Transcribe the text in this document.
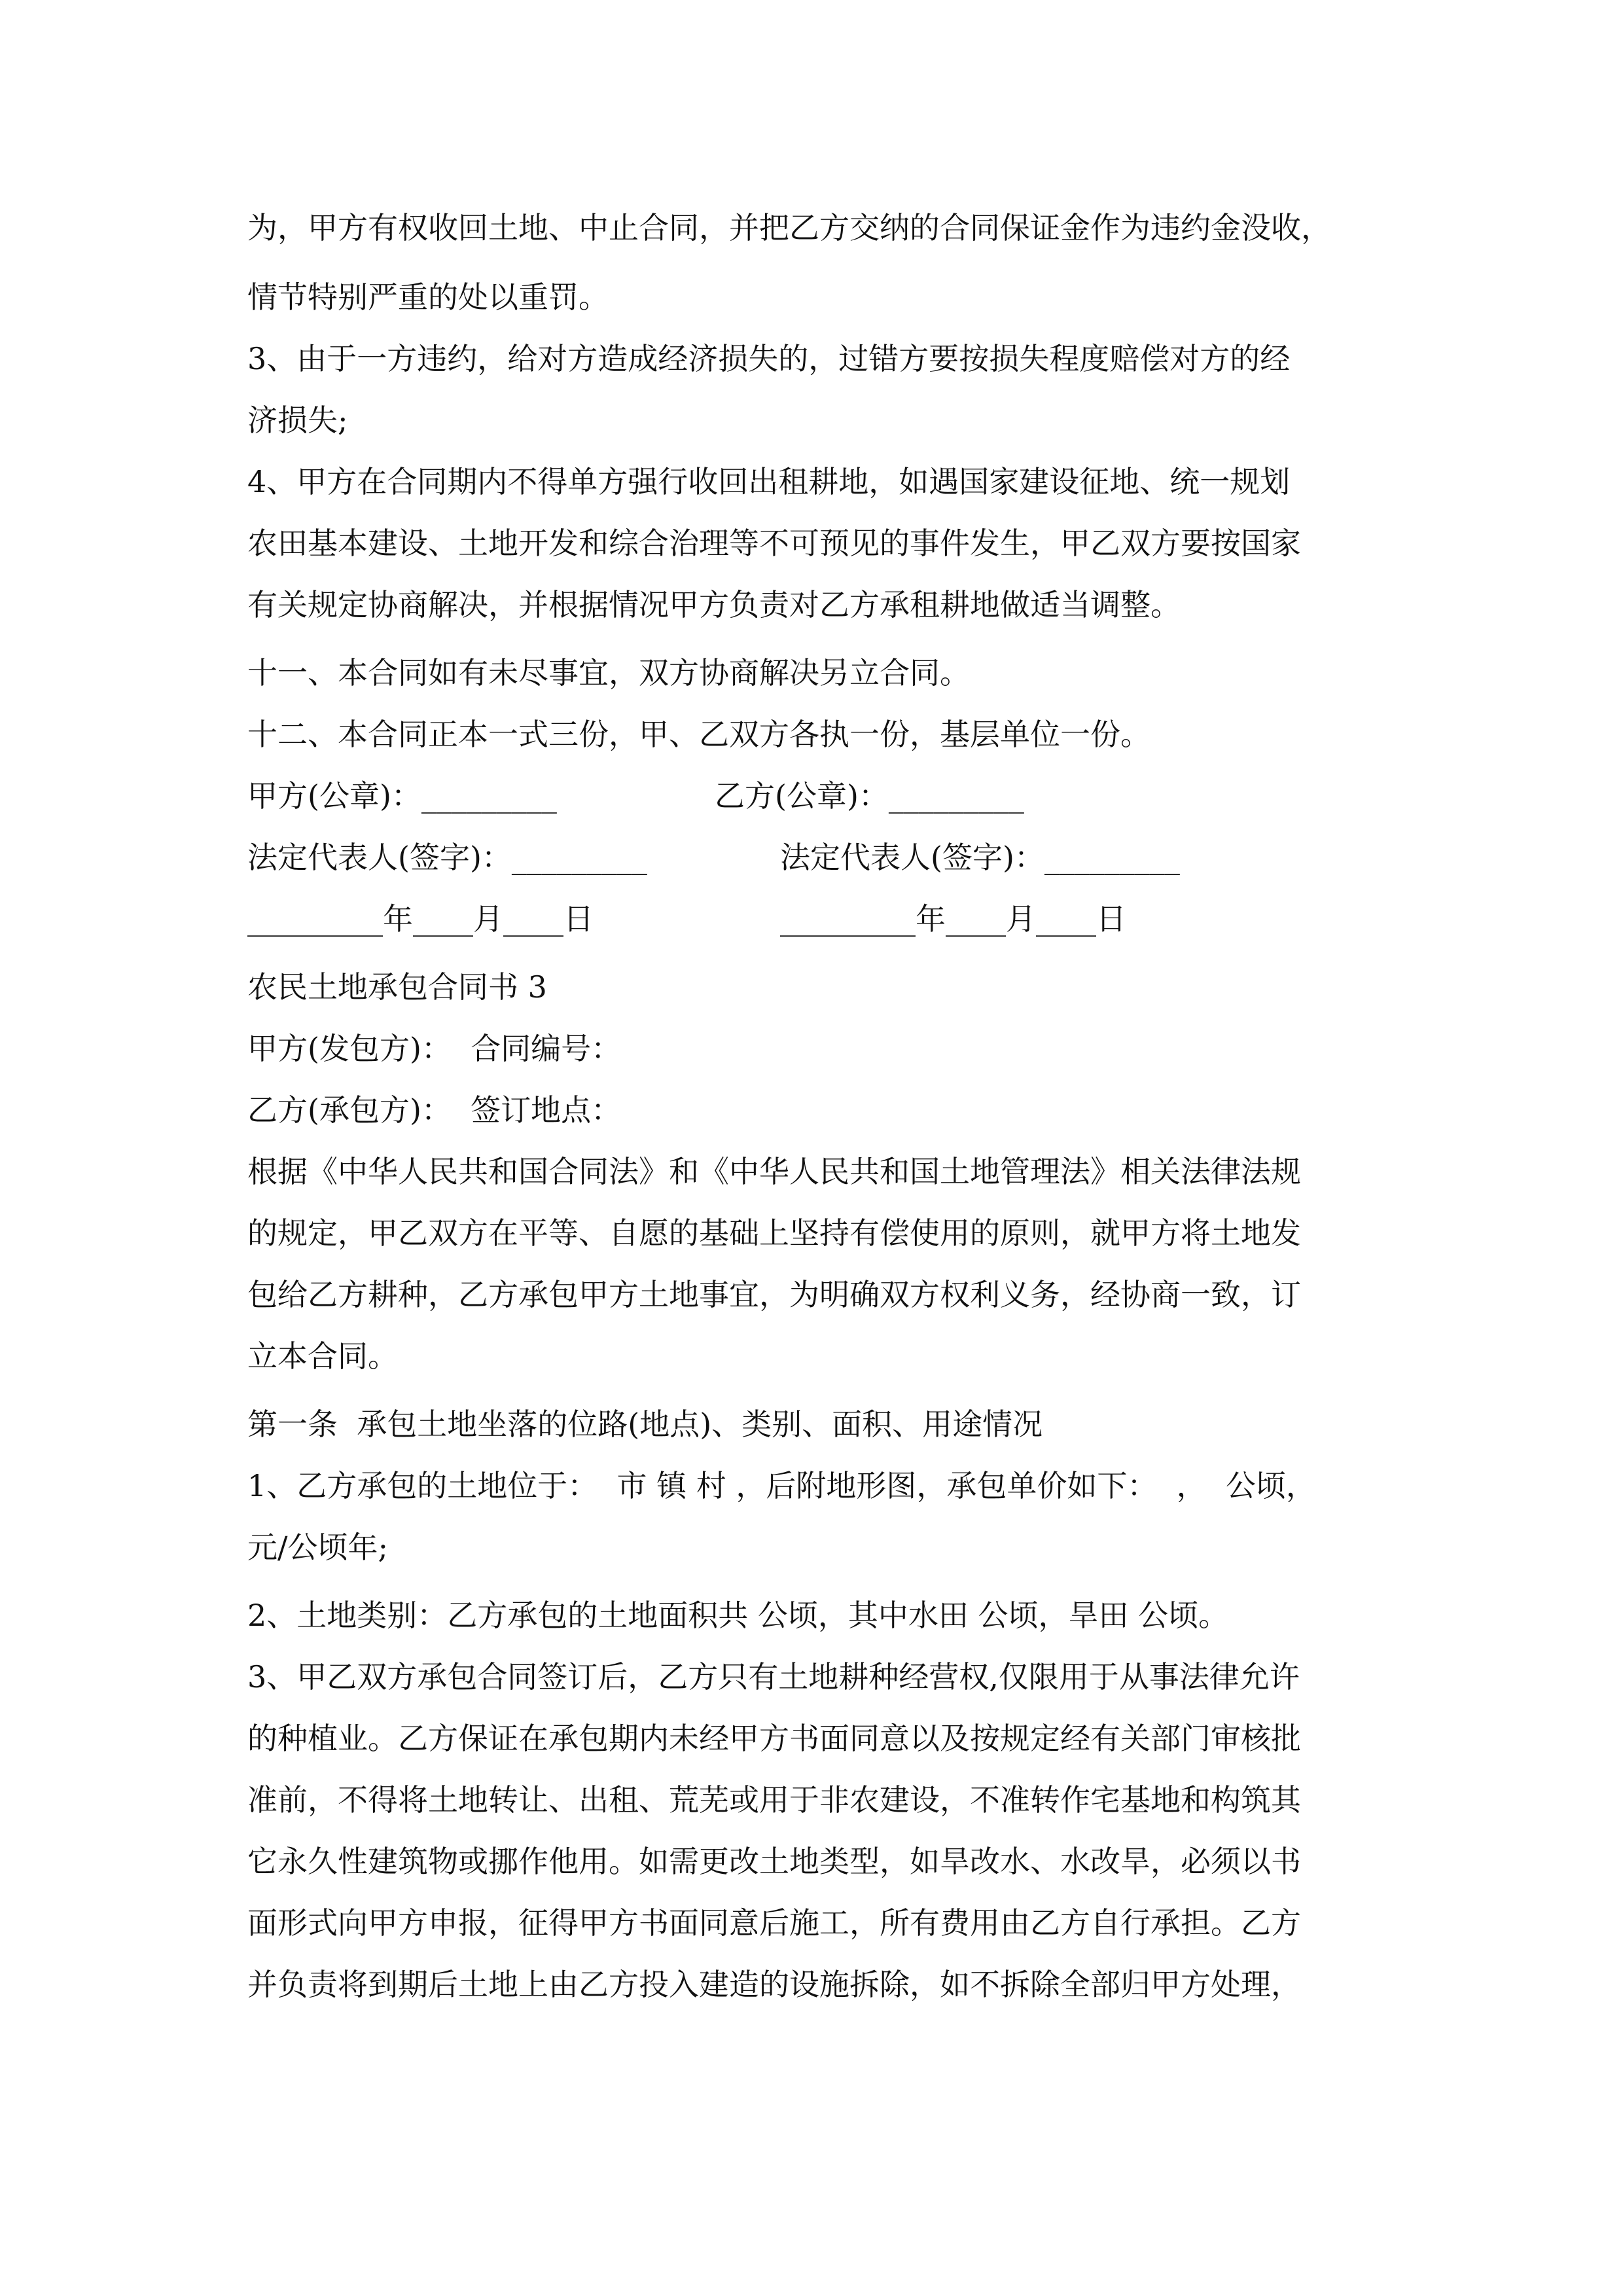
为，甲方有权收回土地、中止合同，并把乙方交纳的合同保证金作为违约金没收，
情节特别严重的处以重罚。
3、由于一方违约，给对方造成经济损失的，过错方要按损失程度赔偿对方的经
济损失;
4、甲方在合同期内不得单方强行收回出租耕地，如遇国家建设征地、统一规划
农田基本建设、土地开发和综合治理等不可预见的事件发生，甲乙双方要按国家
有关规定协商解决，并根据情况甲方负责对乙方承租耕地做适当调整。
十一、本合同如有未尽事宜，双方协商解决另立合同。
十二、本合同正本一式三份，甲、乙双方各执一份，基层单位一份。
甲方(公章)：_________	乙方(公章)：_________
法定代表人(签字)：_________	法定代表人(签字)：_________
_________年____月____日	_________年____月____日
农民土地承包合同书 3
甲方(发包方)：  合同编号：
乙方(承包方)：  签订地点：
根据《中华人民共和国合同法》和《中华人民共和国土地管理法》相关法律法规
的规定，甲乙双方在平等、自愿的基础上坚持有偿使用的原则，就甲方将土地发
包给乙方耕种，乙方承包甲方土地事宜，为明确双方权利义务，经协商一致，订
立本合同。
第一条  承包土地坐落的位路(地点)、类别、面积、用途情况
1、乙方承包的土地位于：  市 镇 村 ，后附地形图，承包单价如下：  ，  公顷，
元/公顷年;
2、土地类别：乙方承包的土地面积共 公顷，其中水田 公顷，旱田 公顷。
3、甲乙双方承包合同签订后，乙方只有土地耕种经营权,仅限用于从事法律允许
的种植业。乙方保证在承包期内未经甲方书面同意以及按规定经有关部门审核批
准前，不得将土地转让、出租、荒芜或用于非农建设，不准转作宅基地和构筑其
它永久性建筑物或挪作他用。如需更改土地类型，如旱改水、水改旱，必须以书
面形式向甲方申报，征得甲方书面同意后施工，所有费用由乙方自行承担。乙方
并负责将到期后土地上由乙方投入建造的设施拆除，如不拆除全部归甲方处理，
